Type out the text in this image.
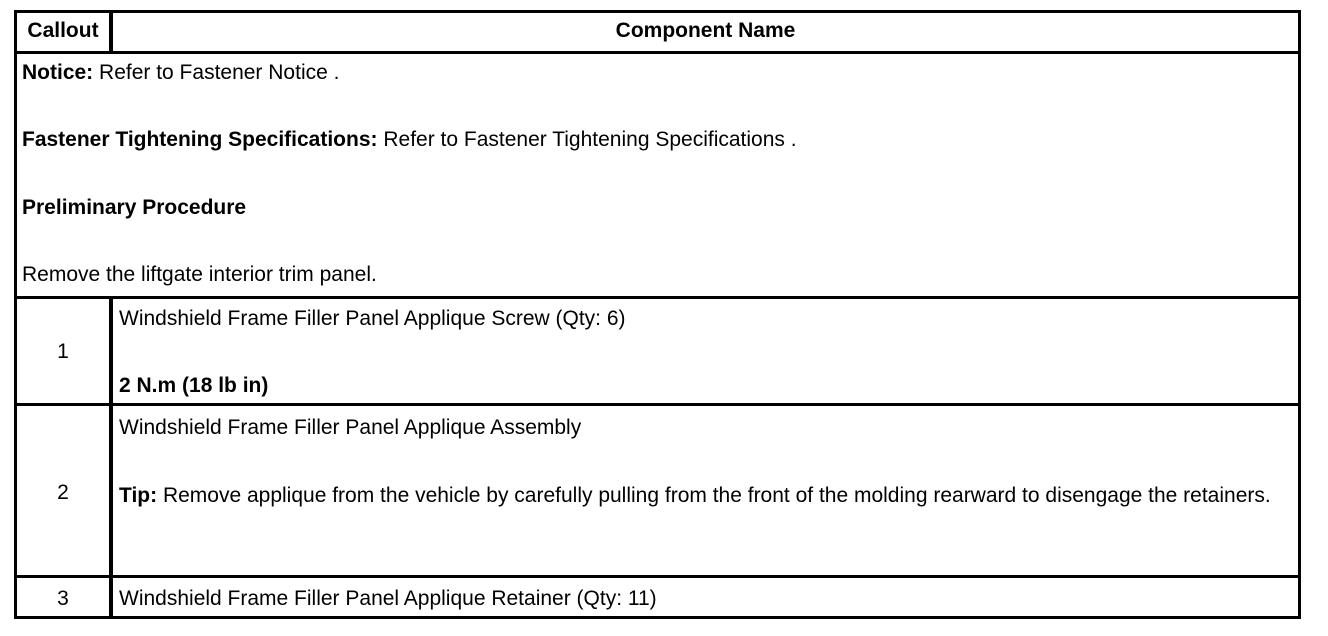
Callout	Component Name

Notice: Refer to Fastener Notice .

Fastener Tightening Specifications: Refer to Fastener Tightening Specifications .

Preliminary Procedure

Remove the liftgate interior trim panel.

1

Windshield Frame Filler Panel Applique Screw (Qty: 6)

2 N.m (18 lb in)

2

Windshield Frame Filler Panel Applique Assembly

Tip: Remove applique from the vehicle by carefully pulling from the front of the molding rearward to disengage the retainers.

3	Windshield Frame Filler Panel Applique Retainer (Qty: 11)
